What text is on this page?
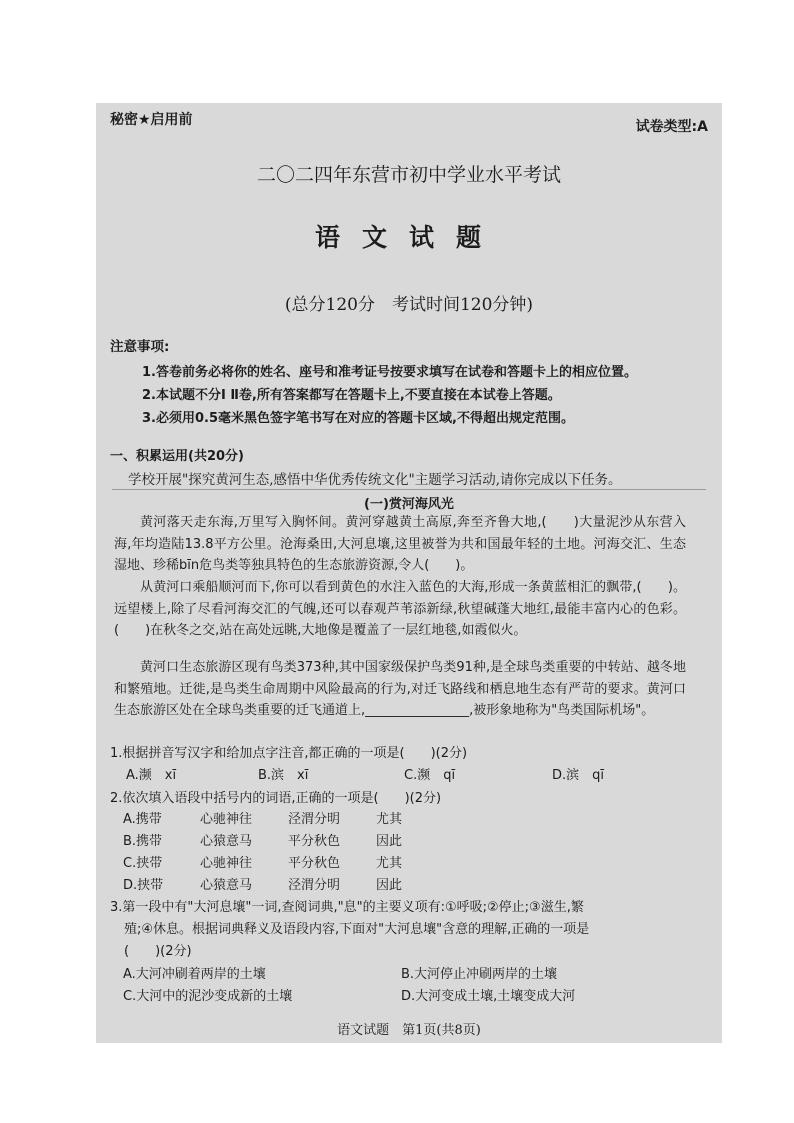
秘密★启用前	试卷类型:A
二〇二四年东营市初中学业水平考试
语文试题
(总分120分　考试时间120分钟)
注意事项:
1.答卷前务必将你的姓名、座号和准考证号按要求填写在试卷和答题卡上的相应位置。
2.本试题不分Ⅰ Ⅱ卷,所有答案都写在答题卡上,不要直接在本试卷上答题。
3.必须用0.5毫米黑色签字笔书写在对应的答题卡区域,不得超出规定范围。
一、积累运用(共20分)
学校开展"探究黄河生态,感悟中华优秀传统文化"主题学习活动,请你完成以下任务。
(一)赏河海风光
黄河落天走东海,万里写入胸怀间。黄河穿越黄土高原,奔至齐鲁大地,(　　)大量泥沙从东营入海,年均造陆13.8平方公里。沧海桑田,大河息壤,这里被誉为共和国最年轻的土地。河海交汇、生态湿地、珍稀bīn危鸟类等独具特色的生态旅游资源,令人(　　)。
从黄河口乘船顺河而下,你可以看到黄色的水注入蓝色的大海,形成一条黄蓝相汇的飘带,(　　)。远望楼上,除了尽看河海交汇的气魄,还可以春观芦苇添新绿,秋望碱蓬大地红,最能丰富内心的色彩。(　　)在秋冬之交,站在高处远眺,大地像是覆盖了一层红地毯,如霞似火。
黄河口生态旅游区现有鸟类373种,其中国家级保护鸟类91种,是全球鸟类重要的中转站、越冬地和繁殖地。迁徙,是鸟类生命周期中风险最高的行为,对迁飞路线和栖息地生态有严苛的要求。黄河口生态旅游区处在全球鸟类重要的迁飞通道上,________________,被形象地称为"鸟类国际机场"。
1.根据拼音写汉字和给加点字注音,都正确的一项是(　　)(2分)
A.濒　xī	B.滨　xī	C.濒　qī	D.滨　qī
2.依次填入语段中括号内的词语,正确的一项是(　　)(2分)
A.携带	心驰神往	泾渭分明	尤其
B.携带	心猿意马	平分秋色	因此
C.挟带	心驰神往	平分秋色	尤其
D.挟带	心猿意马	泾渭分明	因此
3.第一段中有"大河息壤"一词,查阅词典,"息"的主要义项有:①呼吸;②停止;③滋生,繁
殖;④休息。根据词典释义及语段内容,下面对"大河息壤"含意的理解,正确的一项是
(　　)(2分)
A.大河冲刷着两岸的土壤	B.大河停止冲刷两岸的土壤
C.大河中的泥沙变成新的土壤	D.大河变成土壤,土壤变成大河
语文试题　第1页(共8页)
